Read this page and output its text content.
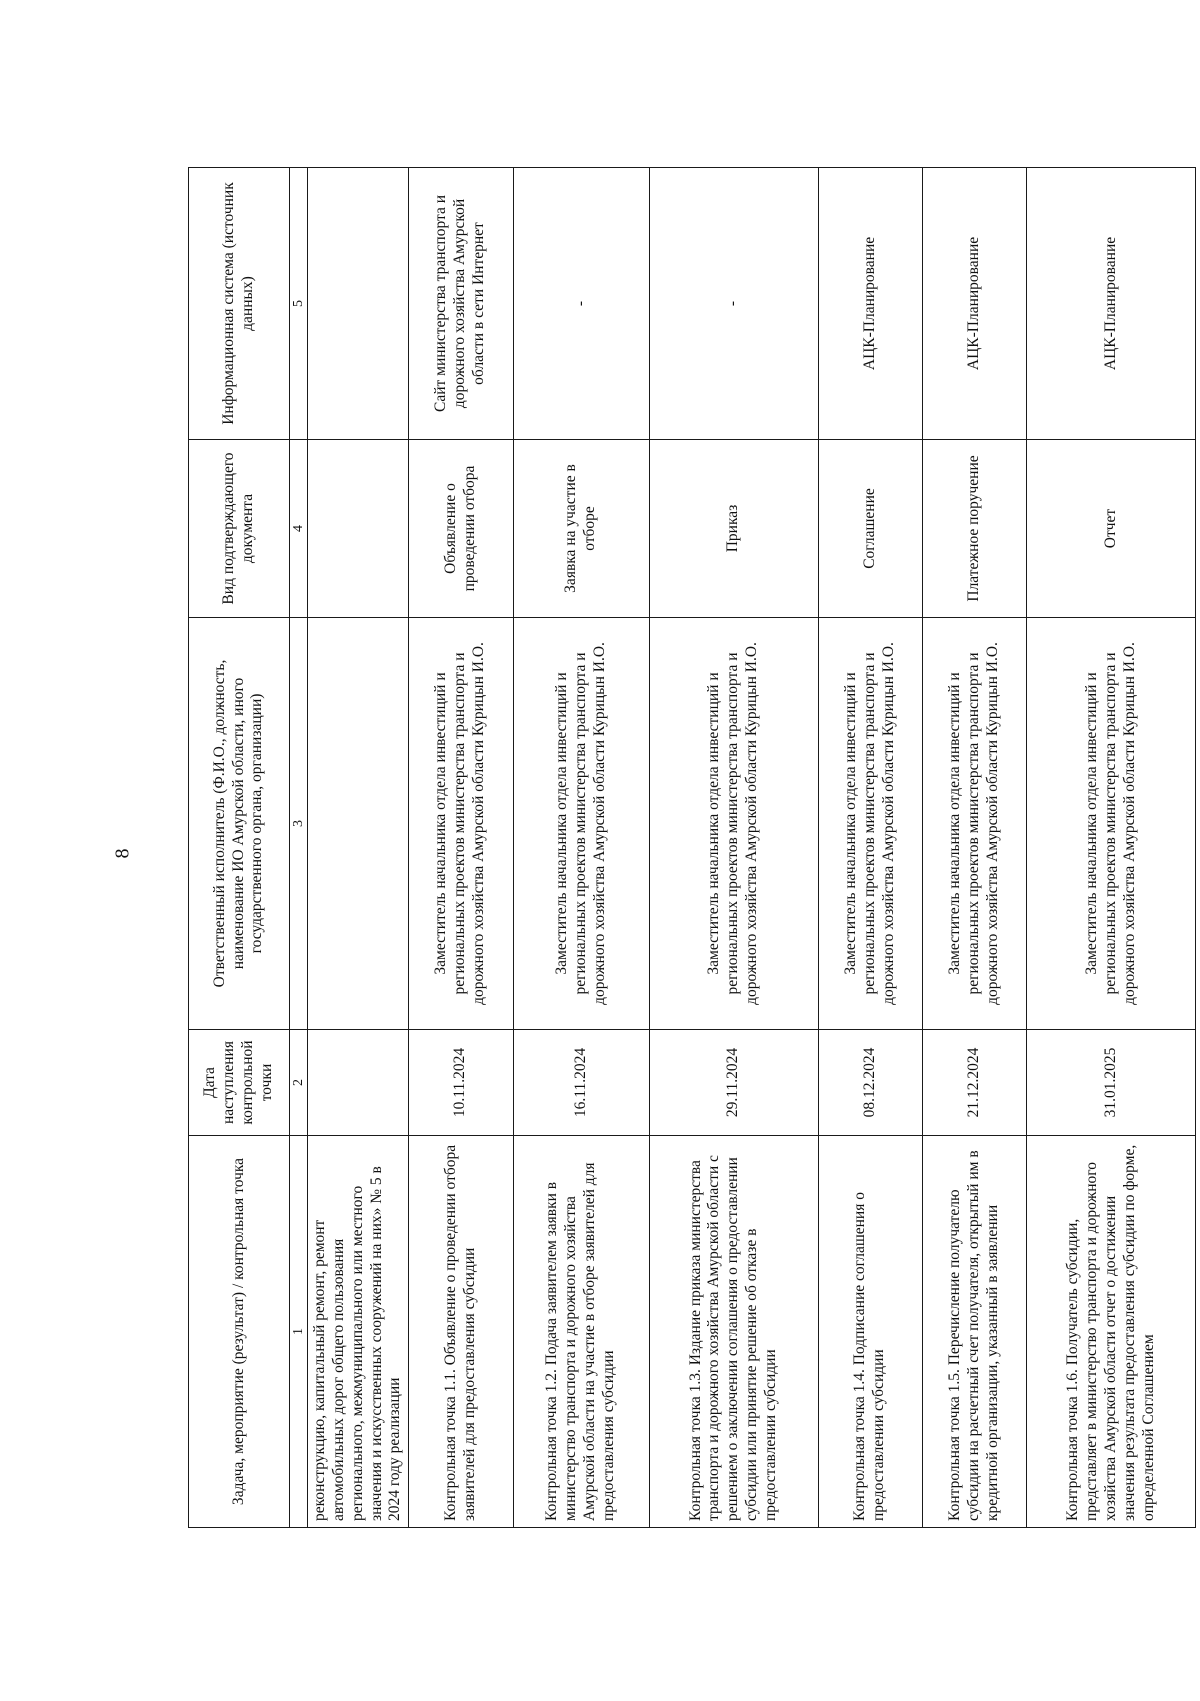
8
Задача, мероприятие (результат) / контрольная точка	Дата наступления контрольной точки	Ответственный исполнитель (Ф.И.О., должность, наименование ИО Амурской области, иного государственного органа, организации)	Вид подтверждающего документа	Информационная система (источник данных)
1	2	3	4	5
реконструкцию, капитальный ремонт, ремонт автомобильных дорог общего пользования регионального, межмуниципального или местного значения и искусственных сооружений на них» № 5 в 2024 году реализации				
Контрольная точка 1.1. Объявление о проведении отбора заявителей для предоставления субсидии	10.11.2024	Заместитель начальника отдела инвестиций и региональных проектов министерства транспорта и дорожного хозяйства Амурской области Курицын И.О.	Объявление о проведении отбора	Сайт министерства транспорта и дорожного хозяйства Амурской области в сети Интернет
Контрольная точка 1.2. Подача заявителем заявки в министерство транспорта и дорожного хозяйства Амурской области на участие в отборе заявителей для предоставления субсидии	16.11.2024	Заместитель начальника отдела инвестиций и региональных проектов министерства транспорта и дорожного хозяйства Амурской области Курицын И.О.	Заявка на участие в отборе	-
Контрольная точка 1.3. Издание приказа министерства транспорта и дорожного хозяйства Амурской области с решением о заключении соглашения о предоставлении субсидии или принятие решение об отказе в предоставлении субсидии	29.11.2024	Заместитель начальника отдела инвестиций и региональных проектов министерства транспорта и дорожного хозяйства Амурской области Курицын И.О.	Приказ	-
Контрольная точка 1.4. Подписание соглашения о предоставлении субсидии	08.12.2024	Заместитель начальника отдела инвестиций и региональных проектов министерства транспорта и дорожного хозяйства Амурской области Курицын И.О.	Соглашение	АЦК-Планирование
Контрольная точка 1.5. Перечисление получателю субсидии на расчетный счет получателя, открытый им в кредитной организации, указанный в заявлении	21.12.2024	Заместитель начальника отдела инвестиций и региональных проектов министерства транспорта и дорожного хозяйства Амурской области Курицын И.О.	Платежное поручение	АЦК-Планирование
Контрольная точка 1.6. Получатель субсидии, представляет в министерство транспорта и дорожного хозяйства Амурской области отчет о достижении значения результата предоставления субсидии по форме, определенной Соглашением	31.01.2025	Заместитель начальника отдела инвестиций и региональных проектов министерства транспорта и дорожного хозяйства Амурской области Курицын И.О.	Отчет	АЦК-Планирование
